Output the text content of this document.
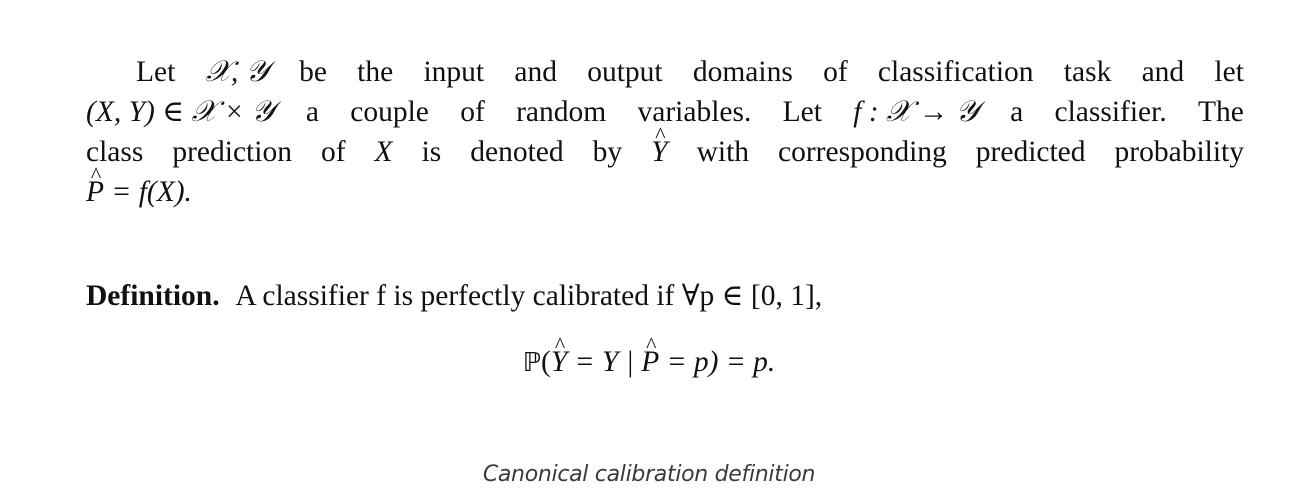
Let 𝒳, 𝒴 be the input and output domains of classification task and let
(X, Y) ∈ 𝒳 × 𝒴 a couple of random variables. Let f : 𝒳 → 𝒴 a classifier. The
class prediction of X is denoted by
^ Y with corresponding predicted probability
^ P = f(X).
Definition. A classifier f is perfectly calibrated if ∀p ∈ [0, 1],
ℙ(^ Y = Y | ^ P = p) = p.
Canonical calibration definition
